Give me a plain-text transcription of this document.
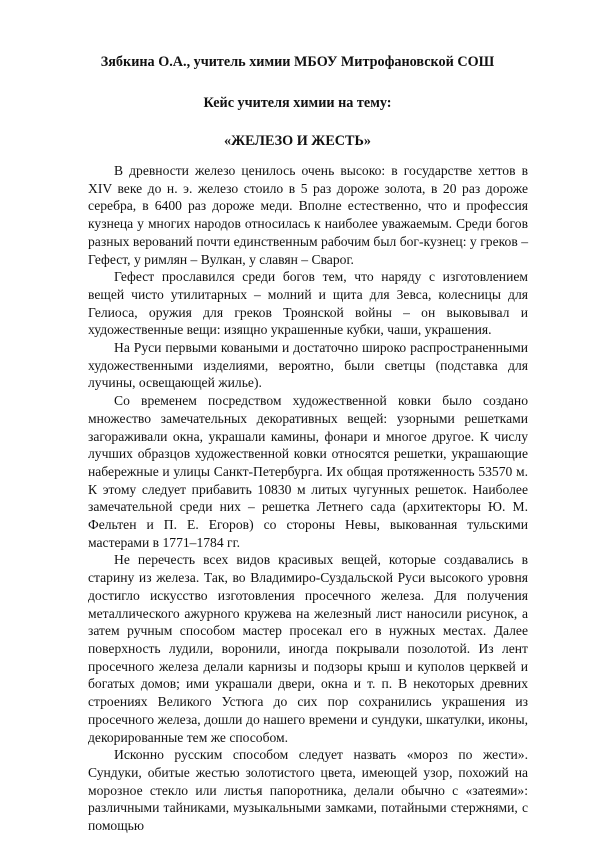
Зябкина О.А., учитель химии МБОУ Митрофановской СОШ
Кейс учителя химии на тему:
«ЖЕЛЕЗО И ЖЕСТЬ»

В древности железо ценилось очень высоко: в государстве хеттов в XIV веке до н. э. железо стоило в 5 раз дороже золота, в 20 раз дороже серебра, в 6400 раз дороже меди. Вполне естественно, что и профессия кузнеца у многих народов относилась к наиболее уважаемым. Среди богов разных верований почти единственным рабочим был бог-кузнец: у греков – Гефест, у римлян – Вулкан, у славян – Сварог.

Гефест прославился среди богов тем, что наряду с изготовлением вещей чисто утилитарных – молний и щита для Зевса, колесницы для Гелиоса, оружия для греков Троянской войны – он выковывал и художественные вещи: изящно украшенные кубки, чаши, украшения.

На Руси первыми коваными и достаточно широко распространенными художественными изделиями, вероятно, были светцы (подставка для лучины, освещающей жилье).

Со временем посредством художественной ковки было создано множество замечательных декоративных вещей: узорными решетками загораживали окна, украшали камины, фонари и многое другое. К числу лучших образцов художественной ковки относятся решетки, украшающие набережные и улицы Санкт-Петербурга. Их общая протяженность 53570 м. К этому следует прибавить 10830 м литых чугунных решеток. Наиболее замечательной среди них – решетка Летнего сада (архитекторы Ю. М. Фельтен и П. Е. Егоров) со стороны Невы, выкованная тульскими мастерами в 1771–1784 гг.

Не перечесть всех видов красивых вещей, которые создавались в старину из железа. Так, во Владимиро-Суздальской Руси высокого уровня достигло искусство изготовления просечного железа. Для получения металлического ажурного кружева на железный лист наносили рисунок, а затем ручным способом мастер просекал его в нужных местах. Далее поверхность лудили, воронили, иногда покрывали позолотой. Из лент просечного железа делали карнизы и подзоры крыш и куполов церквей и богатых домов; ими украшали двери, окна и т. п. В некоторых древних строениях Великого Устюга до сих пор сохранились украшения из просечного железа, дошли до нашего времени и сундуки, шкатулки, иконы, декорированные тем же способом.

Исконно русским способом следует назвать «мороз по жести». Сундуки, обитые жестью золотистого цвета, имеющей узор, похожий на морозное стекло или листья папоротника, делали обычно с «затеями»: различными тайниками, музыкальными замками, потайными стержнями, с помощью
